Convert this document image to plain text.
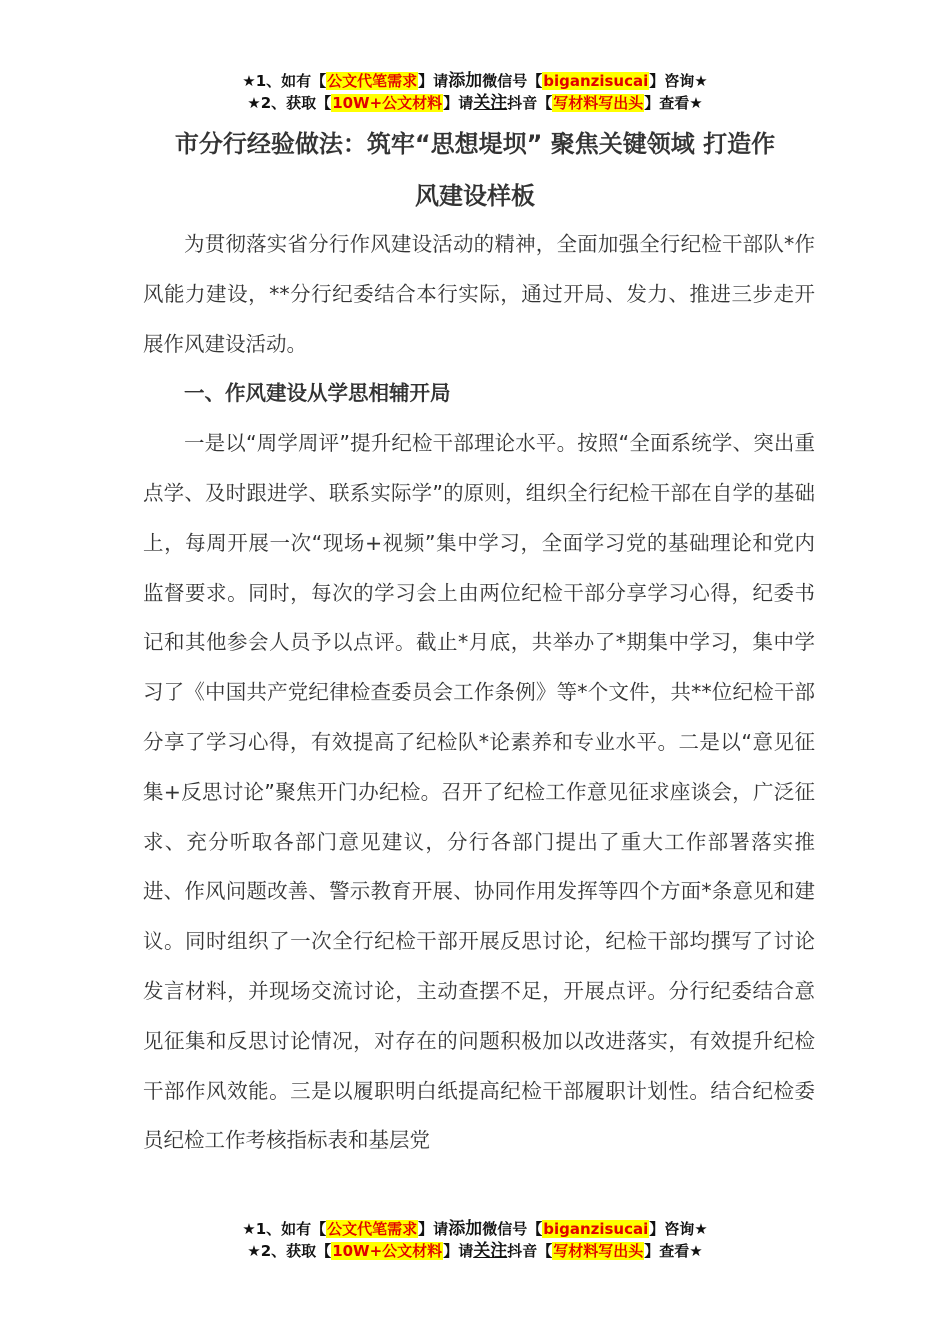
★1、如有【公文代笔需求】请添加微信号【biganzisucai】咨询★
★2、获取【10W+公文材料】请关注抖音【写材料写出头】查看★
市分行经验做法：筑牢“思想堤坝” 聚焦关键领域 打造作
风建设样板

为贯彻落实省分行作风建设活动的精神，全面加强全行纪检干部队*作风能力建设，**分行纪委结合本行实际，通过开局、发力、推进三步走开展作风建设活动。

一、作风建设从学思相辅开局

一是以“周学周评”提升纪检干部理论水平。按照“全面系统学、突出重点学、及时跟进学、联系实际学”的原则，组织全行纪检干部在自学的基础上，每周开展一次“现场+视频”集中学习，全面学习党的基础理论和党内监督要求。同时，每次的学习会上由两位纪检干部分享学习心得，纪委书记和其他参会人员予以点评。截止*月底，共举办了*期集中学习，集中学习了《中国共产党纪律检查委员会工作条例》等*个文件，共**位纪检干部分享了学习心得，有效提高了纪检队*论素养和专业水平。二是以“意见征集+反思讨论”聚焦开门办纪检。召开了纪检工作意见征求座谈会，广泛征求、充分听取各部门意见建议，分行各部门提出了重大工作部署落实推进、作风问题改善、警示教育开展、协同作用发挥等四个方面*条意见和建议。同时组织了一次全行纪检干部开展反思讨论，纪检干部均撰写了讨论发言材料，并现场交流讨论，主动查摆不足，开展点评。分行纪委结合意见征集和反思讨论情况，对存在的问题积极加以改进落实，有效提升纪检干部作风效能。三是以履职明白纸提高纪检干部履职计划性。结合纪检委员纪检工作考核指标表和基层党

★1、如有【公文代笔需求】请添加微信号【biganzisucai】咨询★
★2、获取【10W+公文材料】请关注抖音【写材料写出头】查看★
